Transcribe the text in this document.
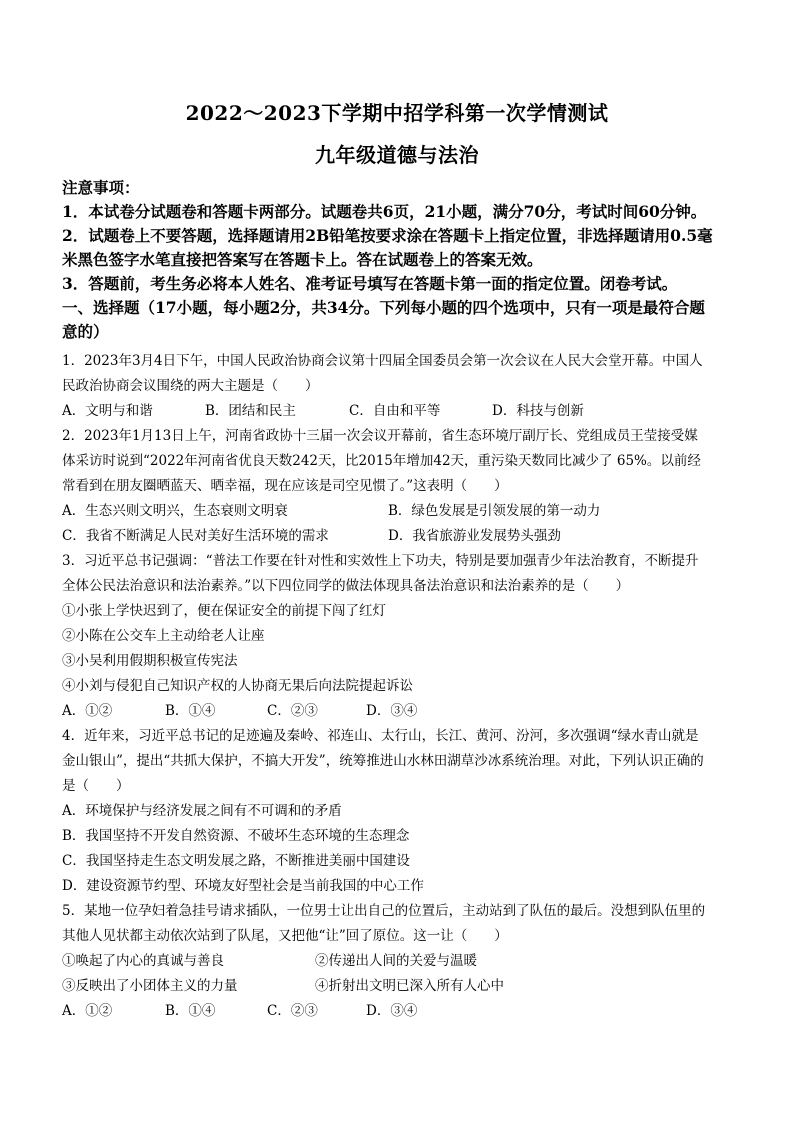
2022～2023下学期中招学科第一次学情测试
九年级道德与法治
注意事项：
1．本试卷分试题卷和答题卡两部分。试题卷共6页，21小题，满分70分，考试时间60分钟。
2．试题卷上不要答题，选择题请用2B铅笔按要求涂在答题卡上指定位置，非选择题请用0.5毫
米黑色签字水笔直接把答案写在答题卡上。答在试题卷上的答案无效。
3．答题前，考生务必将本人姓名、准考证号填写在答题卡第一面的指定位置。闭卷考试。
一、选择题（17小题，每小题2分，共34分。下列每小题的四个选项中，只有一项是最符合题
意的）
1．2023年3月4日下午，中国人民政治协商会议第十四届全国委员会第一次会议在人民大会堂开幕。中国人
民政治协商会议围绕的两大主题是（　　）
A．文明与和谐	B．团结和民主	C．自由和平等	D．科技与创新
2．2023年1月13日上午，河南省政协十三届一次会议开幕前，省生态环境厅副厅长、党组成员王莹接受媒
体采访时说到“2022年河南省优良天数242天，比2015年增加42天，重污染天数同比减少了 65%。以前经
常看到在朋友圈晒蓝天、晒幸福，现在应该是司空见惯了。”这表明（　　）
A．生态兴则文明兴，生态衰则文明衰	B．绿色发展是引领发展的第一动力
C．我省不断满足人民对美好生活环境的需求	D．我省旅游业发展势头强劲
3．习近平总书记强调：“普法工作要在针对性和实效性上下功夫，特别是要加强青少年法治教育，不断提升
全体公民法治意识和法治素养。”以下四位同学的做法体现具备法治意识和法治素养的是（　　）
①小张上学快迟到了，便在保证安全的前提下闯了红灯
②小陈在公交车上主动给老人让座
③小吴利用假期积极宣传宪法
④小刘与侵犯自己知识产权的人协商无果后向法院提起诉讼
A．①②	B．①④	C．②③	D．③④
4．近年来，习近平总书记的足迹遍及秦岭、祁连山、太行山，长江、黄河、汾河，多次强调“绿水青山就是
金山银山”，提出“共抓大保护，不搞大开发”，统筹推进山水林田湖草沙冰系统治理。对此，下列认识正确的
是（　　）
A．环境保护与经济发展之间有不可调和的矛盾
B．我国坚持不开发自然资源、不破坏生态环境的生态理念
C．我国坚持走生态文明发展之路，不断推进美丽中国建设
D．建设资源节约型、环境友好型社会是当前我国的中心工作
5．某地一位孕妇着急挂号请求插队，一位男士让出自己的位置后，主动站到了队伍的最后。没想到队伍里的
其他人见状都主动依次站到了队尾，又把他“让”回了原位。这一让（　　）
①唤起了内心的真诚与善良	②传递出人间的关爱与温暖
③反映出了小团体主义的力量	④折射出文明已深入所有人心中
A．①②	B．①④	C．②③	D．③④
